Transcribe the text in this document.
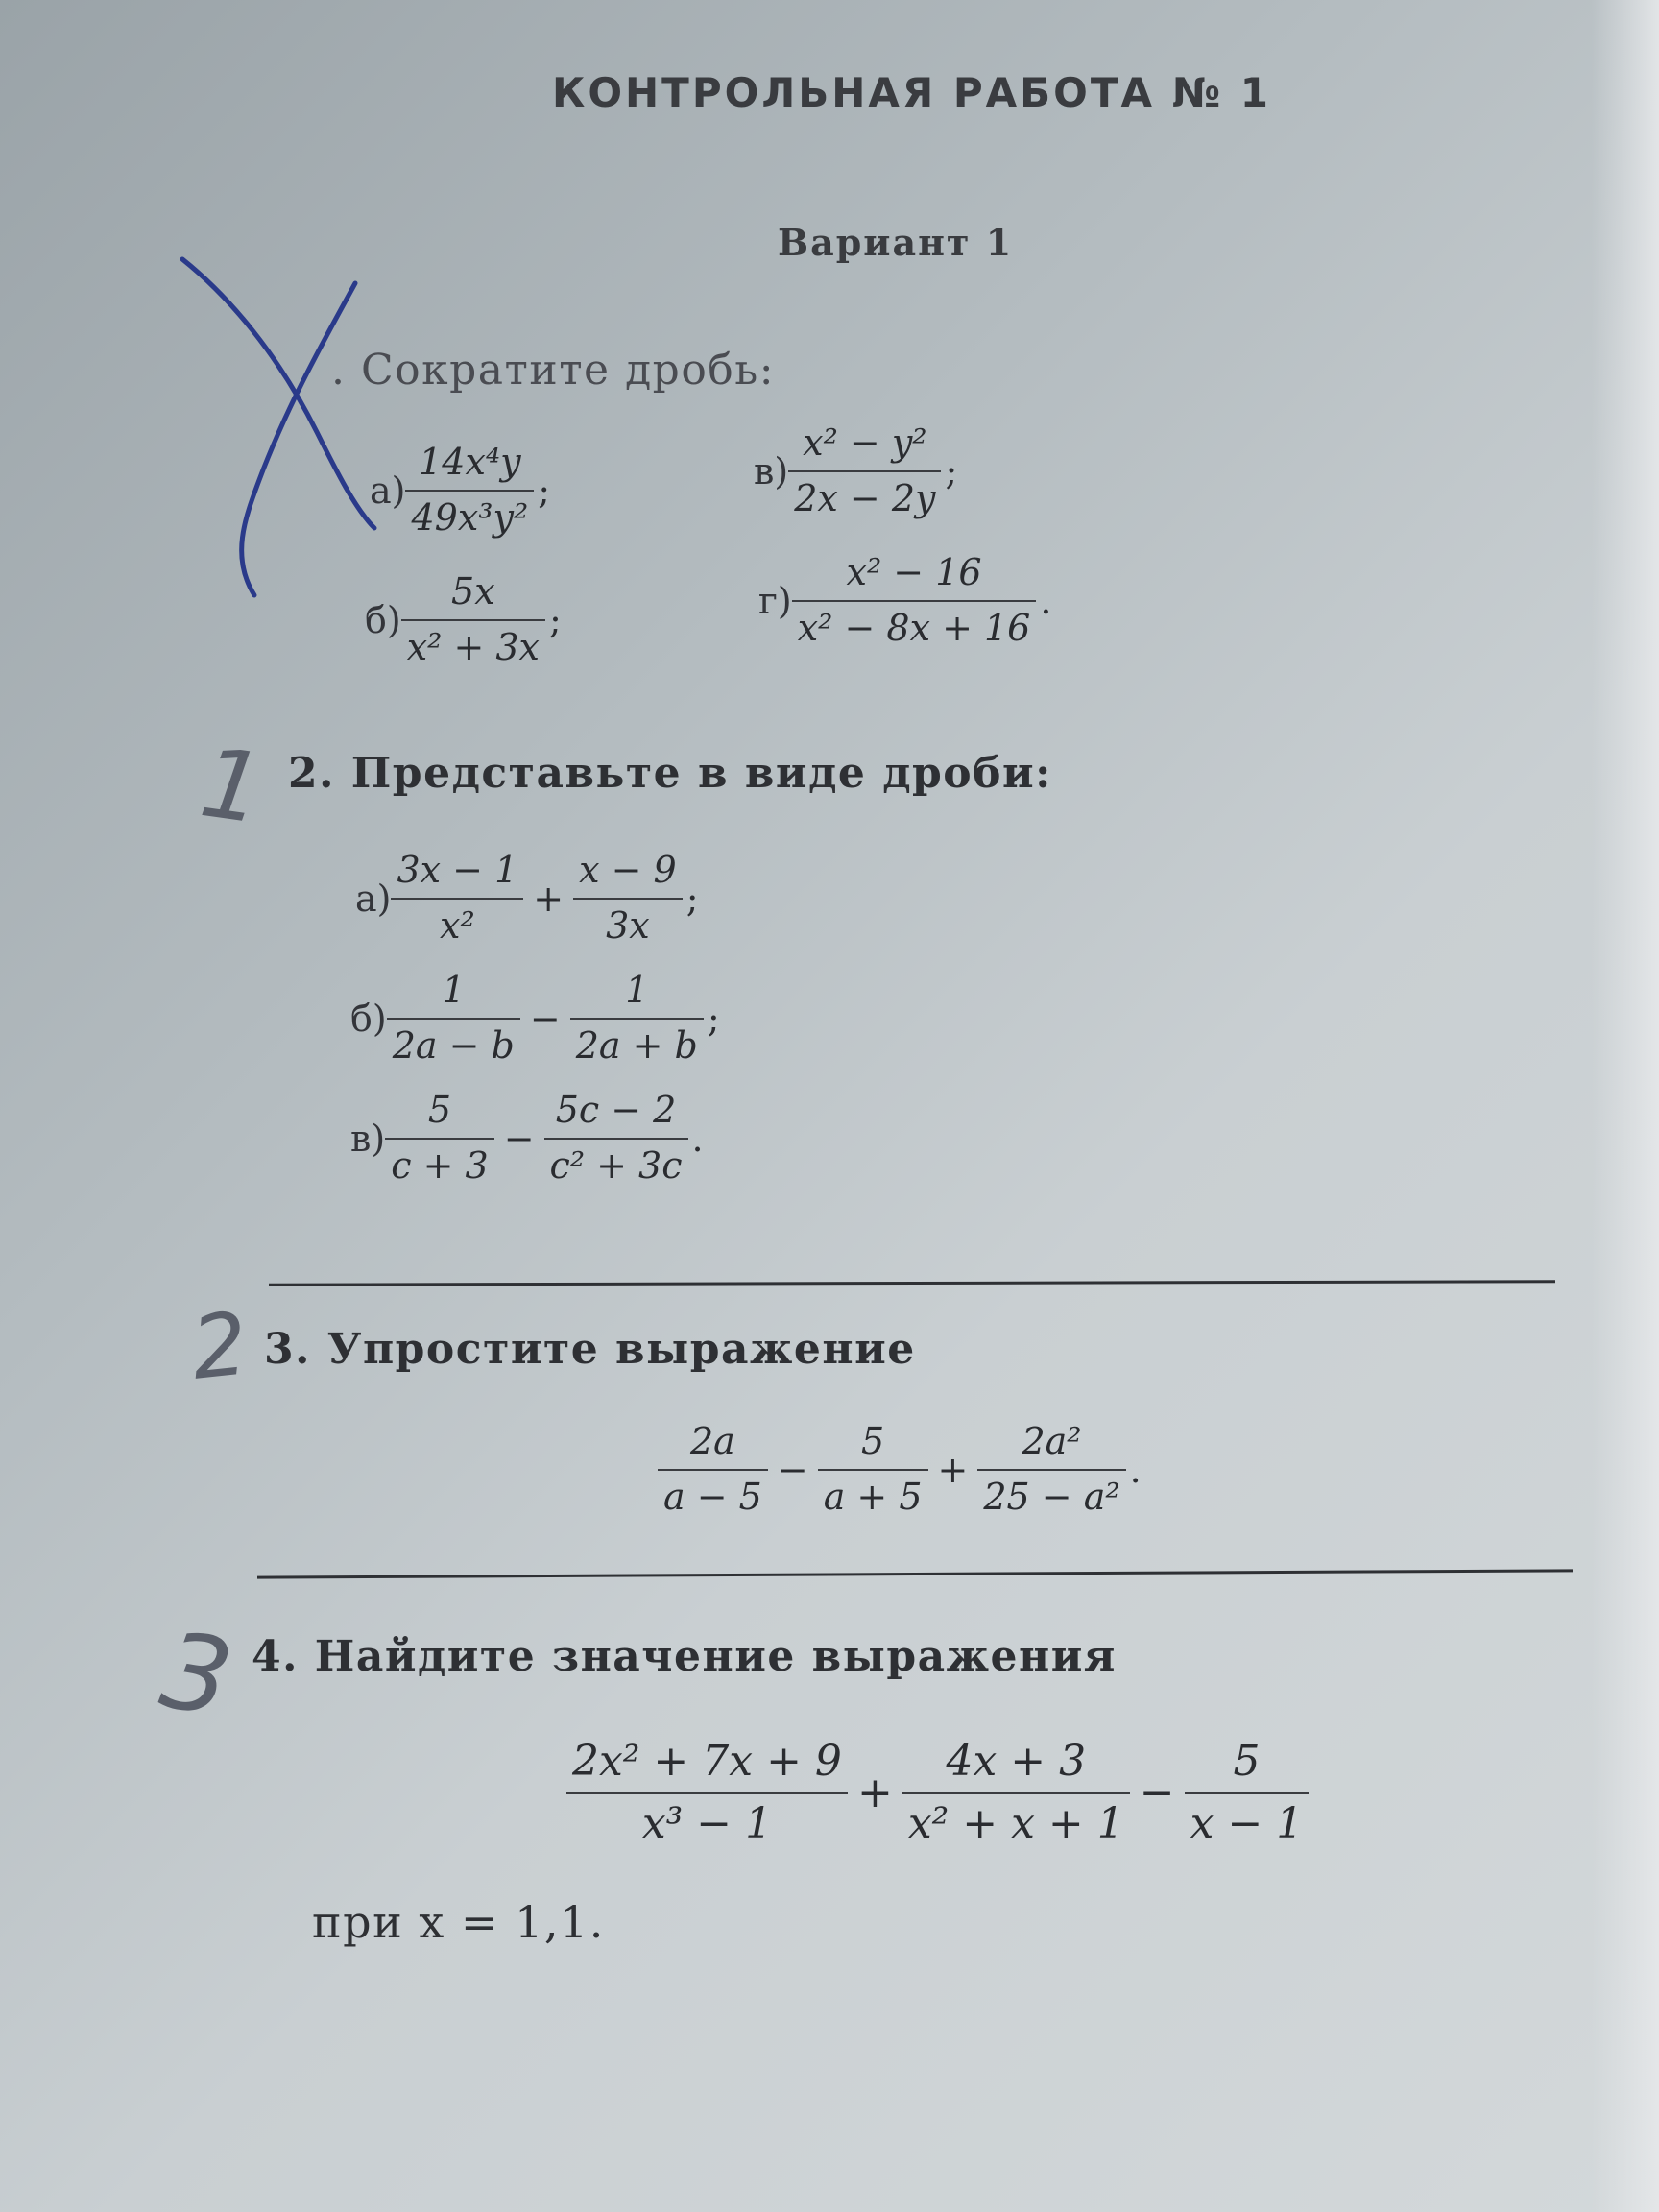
КОНТРОЛЬНАЯ РАБОТА № 1
Вариант 1
. Сократите дробь:
$а) \frac{\text{14x⁴y}}{\text{49x³y²}}$ ;	$в) \frac{\text{x² − y²}}{2x - 2y}$ ;
$б) \frac{5x}{\text{x² + 3x}}$ ;	$г) \frac{\text{x² − 16}}{\text{x² − 8x + 16}}$ .
2. Представьте в виде дроби:
$а) \frac{3x - 1}{\text{x²}} + \frac{x - 9}{3x}$ ;
$б) \frac{1}{2a - b} - \frac{1}{2a + b}$ ;
$в) \frac{5}{c + 3} - \frac{5c - 2}{\text{c² + 3c}}$ .
3. Упростите выражение
$\frac{2a}{a - 5} - \frac{5}{a + 5} + \frac{\text{2a²}}{\text{25 − a²}}$ .
4. Найдите значение выражения
$\frac{\text{2x² + 7x + 9}}{\text{x³ − 1}} + \frac{4x + 3}{\text{x² + x + 1}} - \frac{5}{x - 1}$
при x = 1,1.
1
2
3
